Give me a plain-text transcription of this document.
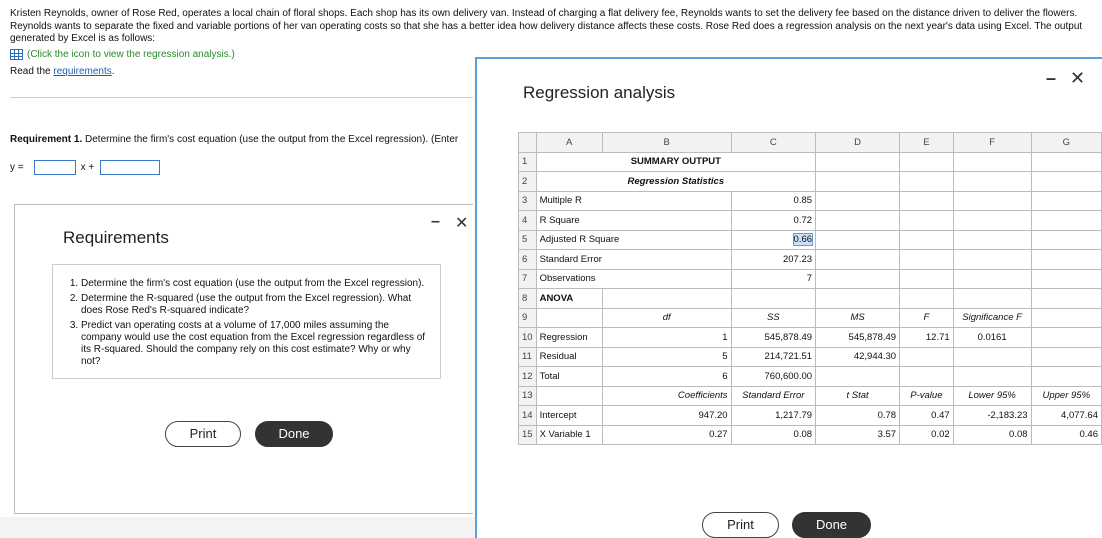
Kristen Reynolds, owner of Rose Red, operates a local chain of floral shops. Each shop has its own delivery van. Instead of charging a flat delivery fee, Reynolds wants to set the delivery fee based on the distance driven to deliver the flowers. Reynolds wants to separate the fixed and variable portions of her van operating costs so that she has a better idea how delivery distance affects these costs. Rose Red does a regression analysis on the next year's data using Excel. The output generated by Excel is as follows:
(Click the icon to view the regression analysis.)
Read the requirements.
Requirement 1. Determine the firm's cost equation (use the output from the Excel regression). (Enter
y =	x +
– ✕
Requirements
1. Determine the firm's cost equation (use the output from the Excel regression).
2. Determine the R-squared (use the output from the Excel regression). What does Rose Red's R-squared indicate?
3. Predict van operating costs at a volume of 17,000 miles assuming the company would use the cost equation from the Excel regression regardless of its R-squared. Should the company rely on this cost estimate? Why or why not?
Print	Done
– ✕
Regression analysis
	A	B	C	D	E	F	G
1	SUMMARY OUTPUT						
2	Regression Statistics						
3	Multiple R		0.85				
4	R Square		0.72				
5	Adjusted R Square		0.66				
6	Standard Error		207.23				
7	Observations		7				
8	ANOVA						
9		df	SS	MS	F	Significance F	
10	Regression	1	545,878.49	545,878.49	12.71	0.0161	
11	Residual	5	214,721.51	42,944.30			
12	Total	6	760,600.00				
13		Coefficients	Standard Error	t Stat	P-value	Lower 95%	Upper 95%
14	Intercept	947.20	1,217.79	0.78	0.47	-2,183.23	4,077.64
15	X Variable 1	0.27	0.08	3.57	0.02	0.08	0.46
Print	Done
